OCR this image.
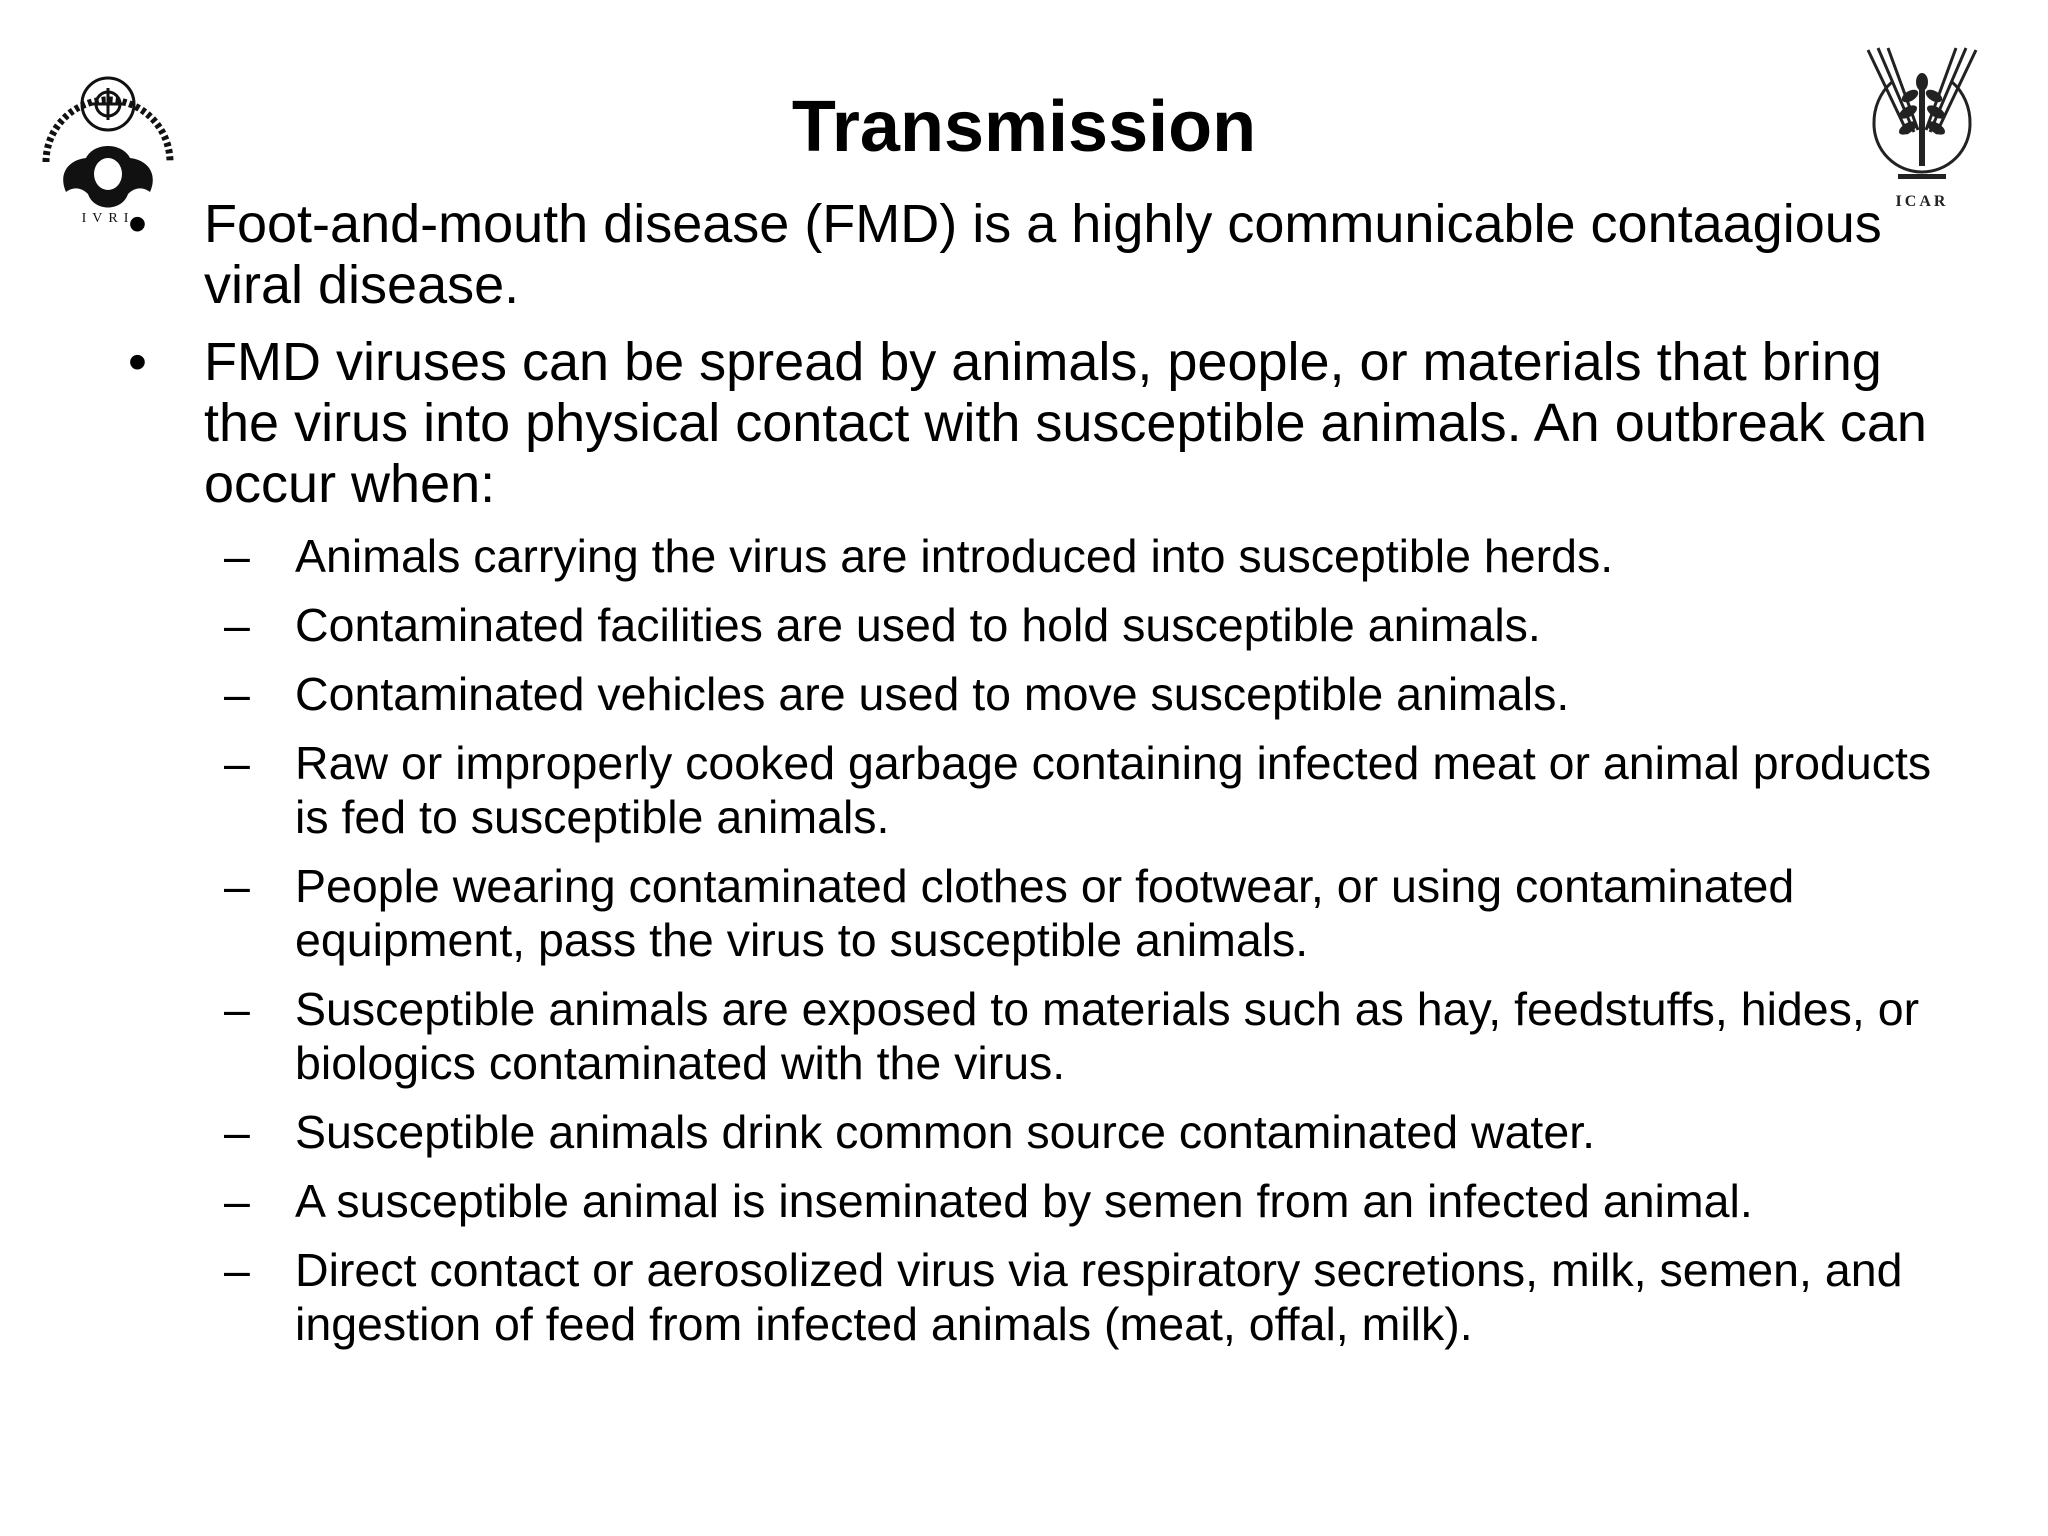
IVRI
ICAR
Transmission
•	Foot-and-mouth disease (FMD) is a highly communicable contaagious viral disease.
•	FMD viruses can be spread by animals, people, or materials that bring the virus into physical contact with susceptible animals. An outbreak can occur when:
– Animals carrying the virus are introduced into susceptible herds.
– Contaminated facilities are used to hold susceptible animals.
– Contaminated vehicles are used to move susceptible animals.
– Raw or improperly cooked garbage containing infected meat or animal products is fed to susceptible animals.
– People wearing contaminated clothes or footwear, or using contaminated equipment, pass the virus to susceptible animals.
– Susceptible animals are exposed to materials such as hay, feedstuffs, hides, or biologics contaminated with the virus.
– Susceptible animals drink common source contaminated water.
– A susceptible animal is inseminated by semen from an infected animal.
– Direct contact or aerosolized virus via respiratory secretions, milk, semen, and ingestion of feed from infected animals (meat, offal, milk).
